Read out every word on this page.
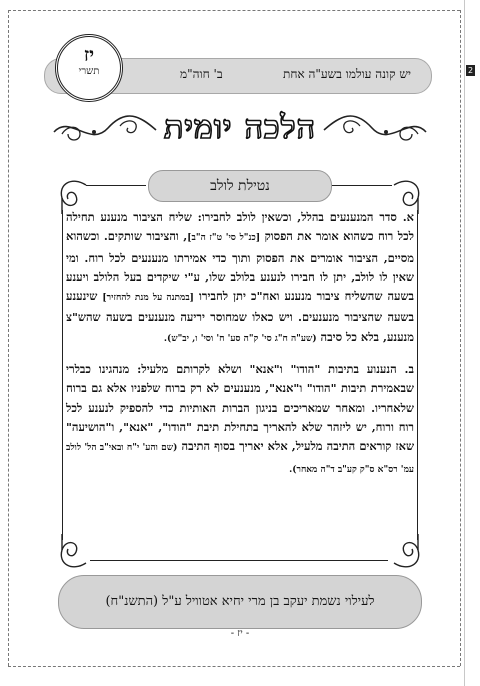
2
יש קונה עולמו בשע"ה אחת
ב' חוה"מ
יז
תשרי
הלכה יומית
נטילת לולב

א. סדר המנענעים בהלל, וכשאין לולב לחבירו: שליח הציבור מנענע תחילה לכל רוח כשהוא אומר את הפסוק [כנ"ל סי' ט"ז ה"ב], והציבור שותקים. וכשהוא מסיים, הציבור אומרים את הפסוק ותוך כדי אמירתו מנענעים לכל רוח. ומי שאין לו לולב, יתן לו חבירו לנענע בלולב שלו, ע"י שיקדים בעל הלולב ויענע בשעה שהשליח ציבור מנענע ואח"כ יתן לחבירו [במתנה על מנת להחזיר] שינענע בשעה שהציבור מנענעים. ויש כאלו שמחוסר יריעה מנענעים בשעה שהש"צ מנענע, בלא כל סיבה (שע"ה ח"ג סי' ק"ה סע' ח' וסי' ו, יב"ש).

ב. הנענוע בתיבות "הודו" ו"אנא" ושלא לקרותם מלעיל: מנהגינו כבלרי שבאמירת תיבות "הודו" ו"אנא", מנענעים לא רק ברוח שלפניו אלא גם ברוח שלאחריו. ומאחר שמאריכים בניגון הברות האותיות כדי להספיק לנענע לכל רוח ורוח, יש ליזהר שלא להאריך בתחילת תיבת "הודו", "אנא", ו"הושיעה" שאז קוראים התיבה מלעיל, אלא יאריך בסוף התיבה (שם והע' י"ח ובאי"ב הל' לולב עמ' רס"א ס"ק קע"ב ד"ה מאחר).

לעילוי נשמת יעקב בן מרי יחיא אטוויל ע"ל (התשנ"ח)
- יז -
